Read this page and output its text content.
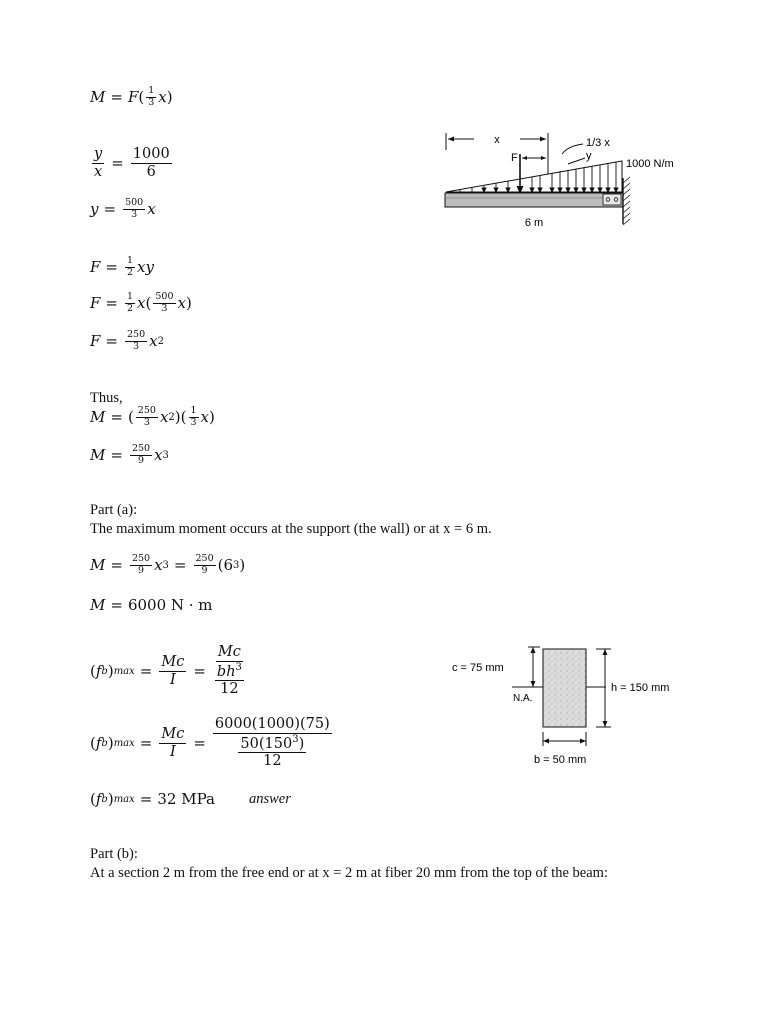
M = F ( $\frac{1}{3}$ x )
$\frac{y}{x} = \frac{1000}{6}$
$y = \frac{500}{3}$ x
$F = \frac{1}{2}$ xy
$F = \frac{1}{2}$ x ( $\frac{500}{3}$ x )
$F = \frac{250}{3}$ x 2
Thus,
M = ( $\frac{250}{3}$ x 2 )( $\frac{1}{3}$ x )
$M = \frac{250}{9}$ x 3
Part (a):
The maximum moment occurs at the support (the wall) or at x = 6 m.
$M = \frac{250}{9}$ x $3 = \frac{250}{9} (6$ 3 )
M = 6000 N · m
( f b ) $\max = \frac{Mc}{I} = \frac{Mc}{\frac{bh^3}{12}}$
( f b ) $\max = \frac{Mc}{I} = \frac{6000(1000)(75)}{\frac{50(150^3)}{12}}$
( f b ) max = 32 MPa answer
Part (b):
At a section 2 m from the free end or at x = 2 m at fiber 20 mm from the top of the beam:
x	1/3 x
y
F	1000 N/m
6 m
c = 75 mm
N.A.
h = 150 mm
b = 50 mm
